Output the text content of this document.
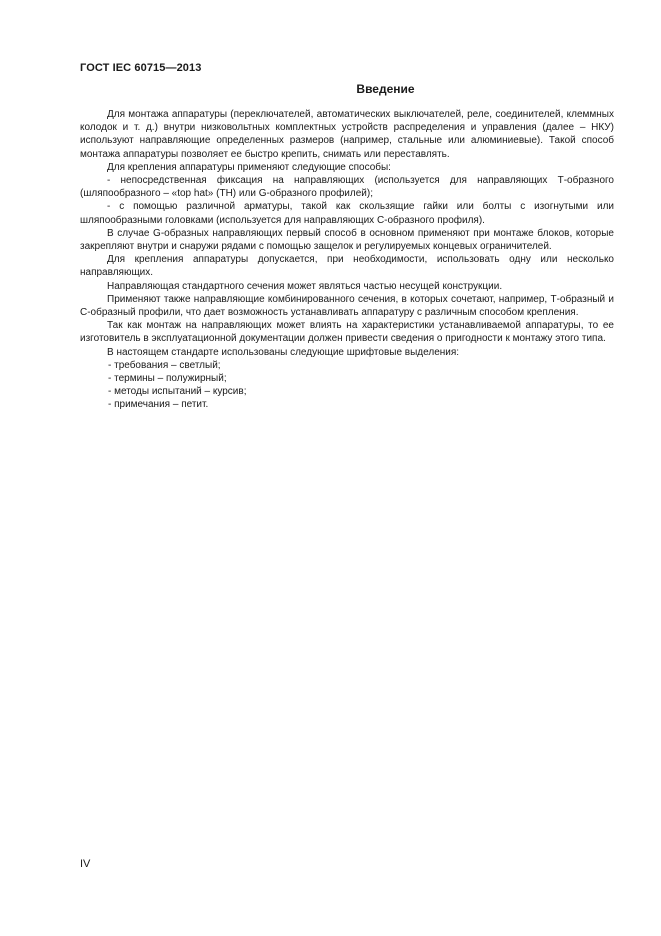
ГОСТ IEC 60715—2013
Введение

Для монтажа аппаратуры (переключателей, автоматических выключателей, реле, соединителей, клеммных колодок и т. д.) внутри низковольтных комплектных устройств распределения и управления (далее – НКУ) используют направляющие определенных размеров (например, стальные или алюминиевые). Такой способ монтажа аппаратуры позволяет ее быстро крепить, снимать или переставлять.

Для крепления аппаратуры применяют следующие способы:

- непосредственная фиксация на направляющих (используется для направляющих Т-образного (шляпообразного – «top hat» (TH) или G-образного профилей);

- с помощью различной арматуры, такой как скользящие гайки или болты с изогнутыми или шляпообразными головками (используется для направляющих С-образного профиля).

В случае G-образных направляющих первый способ в основном применяют при монтаже блоков, которые закрепляют внутри и снаружи рядами с помощью защелок и регулируемых концевых ограничителей.

Для крепления аппаратуры допускается, при необходимости, использовать одну или несколько направляющих.

Направляющая стандартного сечения может являться частью несущей конструкции.

Применяют также направляющие комбинированного сечения, в которых сочетают, например, Т-образный и С-образный профили, что дает возможность устанавливать аппаратуру с различным способом крепления.

Так как монтаж на направляющих может влиять на характеристики устанавливаемой аппаратуры, то ее изготовитель в эксплуатационной документации должен привести сведения о пригодности к монтажу этого типа.

В настоящем стандарте использованы следующие шрифтовые выделения:

- требования – светлый;

- термины – полужирный;

- методы испытаний – курсив;

- примечания – петит.

IV
